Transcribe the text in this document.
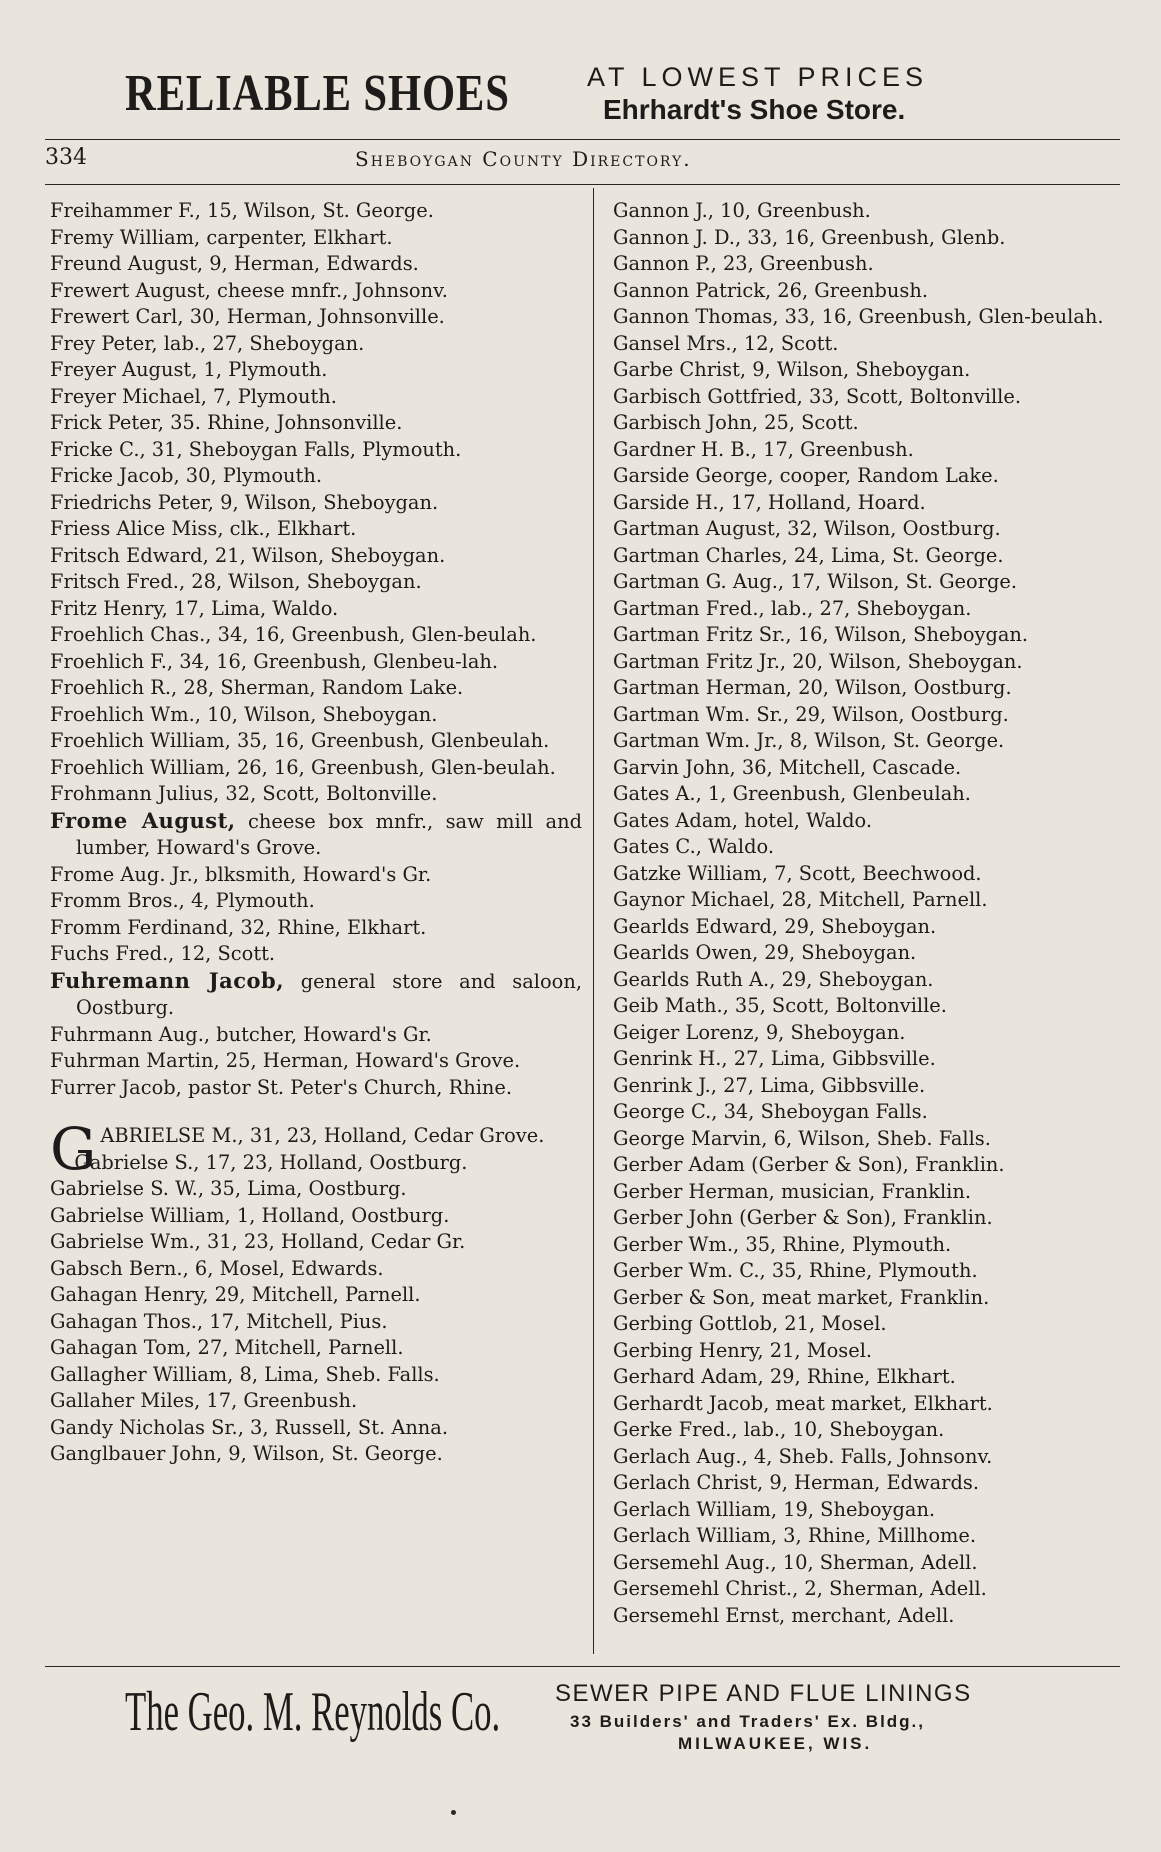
RELIABLE SHOES	AT LOWEST PRICES
Ehrhardt's Shoe Store.
334	Sheboygan County Directory.
Freihammer F., 15, Wilson, St. George.
Fremy William, carpenter, Elkhart.
Freund August, 9, Herman, Edwards.
Frewert August, cheese mnfr., Johnsonv.
Frewert Carl, 30, Herman, Johnsonville.
Frey Peter, lab., 27, Sheboygan.
Freyer August, 1, Plymouth.
Freyer Michael, 7, Plymouth.
Frick Peter, 35. Rhine, Johnsonville.
Fricke C., 31, Sheboygan Falls, Plymouth.
Fricke Jacob, 30, Plymouth.
Friedrichs Peter, 9, Wilson, Sheboygan.
Friess Alice Miss, clk., Elkhart.
Fritsch Edward, 21, Wilson, Sheboygan.
Fritsch Fred., 28, Wilson, Sheboygan.
Fritz Henry, 17, Lima, Waldo.
Froehlich Chas., 34, 16, Greenbush, Glen-beulah.
Froehlich F., 34, 16, Greenbush, Glenbeu-lah.
Froehlich R., 28, Sherman, Random Lake.
Froehlich Wm., 10, Wilson, Sheboygan.
Froehlich William, 35, 16, Greenbush, Glenbeulah.
Froehlich William, 26, 16, Greenbush, Glen-beulah.
Frohmann Julius, 32, Scott, Boltonville.
Frome August, cheese box mnfr., saw mill and lumber, Howard's Grove.
Frome Aug. Jr., blksmith, Howard's Gr.
Fromm Bros., 4, Plymouth.
Fromm Ferdinand, 32, Rhine, Elkhart.
Fuchs Fred., 12, Scott.
Fuhremann Jacob, general store and saloon, Oostburg.
Fuhrmann Aug., butcher, Howard's Gr.
Fuhrman Martin, 25, Herman, Howard's Grove.
Furrer Jacob, pastor St. Peter's Church, Rhine.
GABRIELSE M., 31, 23, Holland, Cedar Grove.
Gabrielse S., 17, 23, Holland, Oostburg.
Gabrielse S. W., 35, Lima, Oostburg.
Gabrielse William, 1, Holland, Oostburg.
Gabrielse Wm., 31, 23, Holland, Cedar Gr.
Gabsch Bern., 6, Mosel, Edwards.
Gahagan Henry, 29, Mitchell, Parnell.
Gahagan Thos., 17, Mitchell, Pius.
Gahagan Tom, 27, Mitchell, Parnell.
Gallagher William, 8, Lima, Sheb. Falls.
Gallaher Miles, 17, Greenbush.
Gandy Nicholas Sr., 3, Russell, St. Anna.
Ganglbauer John, 9, Wilson, St. George.
Gannon J., 10, Greenbush.
Gannon J. D., 33, 16, Greenbush, Glenb.
Gannon P., 23, Greenbush.
Gannon Patrick, 26, Greenbush.
Gannon Thomas, 33, 16, Greenbush, Glen-beulah.
Gansel Mrs., 12, Scott.
Garbe Christ, 9, Wilson, Sheboygan.
Garbisch Gottfried, 33, Scott, Boltonville.
Garbisch John, 25, Scott.
Gardner H. B., 17, Greenbush.
Garside George, cooper, Random Lake.
Garside H., 17, Holland, Hoard.
Gartman August, 32, Wilson, Oostburg.
Gartman Charles, 24, Lima, St. George.
Gartman G. Aug., 17, Wilson, St. George.
Gartman Fred., lab., 27, Sheboygan.
Gartman Fritz Sr., 16, Wilson, Sheboygan.
Gartman Fritz Jr., 20, Wilson, Sheboygan.
Gartman Herman, 20, Wilson, Oostburg.
Gartman Wm. Sr., 29, Wilson, Oostburg.
Gartman Wm. Jr., 8, Wilson, St. George.
Garvin John, 36, Mitchell, Cascade.
Gates A., 1, Greenbush, Glenbeulah.
Gates Adam, hotel, Waldo.
Gates C., Waldo.
Gatzke William, 7, Scott, Beechwood.
Gaynor Michael, 28, Mitchell, Parnell.
Gearlds Edward, 29, Sheboygan.
Gearlds Owen, 29, Sheboygan.
Gearlds Ruth A., 29, Sheboygan.
Geib Math., 35, Scott, Boltonville.
Geiger Lorenz, 9, Sheboygan.
Genrink H., 27, Lima, Gibbsville.
Genrink J., 27, Lima, Gibbsville.
George C., 34, Sheboygan Falls.
George Marvin, 6, Wilson, Sheb. Falls.
Gerber Adam (Gerber & Son), Franklin.
Gerber Herman, musician, Franklin.
Gerber John (Gerber & Son), Franklin.
Gerber Wm., 35, Rhine, Plymouth.
Gerber Wm. C., 35, Rhine, Plymouth.
Gerber & Son, meat market, Franklin.
Gerbing Gottlob, 21, Mosel.
Gerbing Henry, 21, Mosel.
Gerhard Adam, 29, Rhine, Elkhart.
Gerhardt Jacob, meat market, Elkhart.
Gerke Fred., lab., 10, Sheboygan.
Gerlach Aug., 4, Sheb. Falls, Johnsonv.
Gerlach Christ, 9, Herman, Edwards.
Gerlach William, 19, Sheboygan.
Gerlach William, 3, Rhine, Millhome.
Gersemehl Aug., 10, Sherman, Adell.
Gersemehl Christ., 2, Sherman, Adell.
Gersemehl Ernst, merchant, Adell.
The Geo. M. Reynolds Co. SEWER PIPE AND FLUE LININGS
33 Builders' and Traders' Ex. Bldg.,
MILWAUKEE, WIS.
